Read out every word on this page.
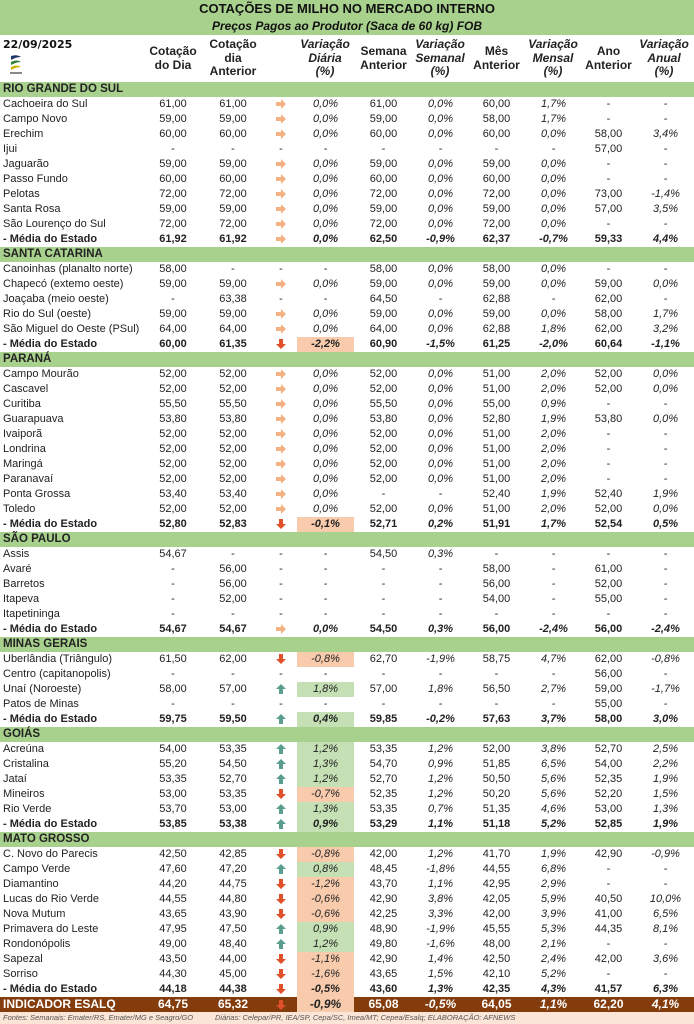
COTAÇÕES DE MILHO NO MERCADO INTERNO
Preços Pagos ao Produtor (Saca de 60 kg) FOB
22/09/2025	Cotação
do Dia
Cotação
dia
Anterior
Variação
Diária
(%)
Semana
Anterior
Variação
Semanal
(%)
Mês
Anterior
Variação
Mensal
(%)
Ano
Anterior
Variação
Anual
(%)
RIO GRANDE DO SUL
Cachoeira do Sul	61,00	61,00	0,0%	61,00	0,0%	60,00	1,7%	-	-
Campo Novo	59,00	59,00	0,0%	59,00	0,0%	58,00	1,7%	-	-
Erechim	60,00	60,00	0,0%	60,00	0,0%	60,00	0,0%	58,00	3,4%
Ijui	-	-	-	-	-	-	-	-	57,00	-
Jaguarão	59,00	59,00	0,0%	59,00	0,0%	59,00	0,0%	-	-
Passo Fundo	60,00	60,00	0,0%	60,00	0,0%	60,00	0,0%	-	-
Pelotas	72,00	72,00	0,0%	72,00	0,0%	72,00	0,0%	73,00	-1,4%
Santa Rosa	59,00	59,00	0,0%	59,00	0,0%	59,00	0,0%	57,00	3,5%
São Lourenço do Sul	72,00	72,00	0,0%	72,00	0,0%	72,00	0,0%	-	-
- Média do Estado	61,92	61,92	0,0%	62,50	-0,9%	62,37	-0,7%	59,33	4,4%
SANTA CATARINA
Canoinhas (planalto norte)	58,00	-	-	-	58,00	0,0%	58,00	0,0%	-	-
Chapecó (extemo oeste)	59,00	59,00	0,0%	59,00	0,0%	59,00	0,0%	59,00	0,0%
Joaçaba (meio oeste)	-	63,38	-	-	64,50	-	62,88	-	62,00	-
Rio do Sul (oeste)	59,00	59,00	0,0%	59,00	0,0%	59,00	0,0%	58,00	1,7%
São Miguel do Oeste (PSul)	64,00	64,00	0,0%	64,00	0,0%	62,88	1,8%	62,00	3,2%
- Média do Estado	60,00	61,35	-2,2%	60,90	-1,5%	61,25	-2,0%	60,64	-1,1%
PARANÁ
Campo Mourão	52,00	52,00	0,0%	52,00	0,0%	51,00	2,0%	52,00	0,0%
Cascavel	52,00	52,00	0,0%	52,00	0,0%	51,00	2,0%	52,00	0,0%
Curitiba	55,50	55,50	0,0%	55,50	0,0%	55,00	0,9%	-	-
Guarapuava	53,80	53,80	0,0%	53,80	0,0%	52,80	1,9%	53,80	0,0%
Ivaiporã	52,00	52,00	0,0%	52,00	0,0%	51,00	2,0%	-	-
Londrina	52,00	52,00	0,0%	52,00	0,0%	51,00	2,0%	-	-
Maringá	52,00	52,00	0,0%	52,00	0,0%	51,00	2,0%	-	-
Paranavaí	52,00	52,00	0,0%	52,00	0,0%	51,00	2,0%	-	-
Ponta Grossa	53,40	53,40	0,0%	-	-	52,40	1,9%	52,40	1,9%
Toledo	52,00	52,00	0,0%	52,00	0,0%	51,00	2,0%	52,00	0,0%
- Média do Estado	52,80	52,83	-0,1%	52,71	0,2%	51,91	1,7%	52,54	0,5%
SÃO PAULO
Assis	54,67	-	-	-	54,50	0,3%	-	-	-	-
Avaré	-	56,00	-	-	-	-	58,00	-	61,00	-
Barretos	-	56,00	-	-	-	-	56,00	-	52,00	-
Itapeva	-	52,00	-	-	-	-	54,00	-	55,00	-
Itapetininga	-	-	-	-	-	-	-	-	-	-
- Média do Estado	54,67	54,67	0,0%	54,50	0,3%	56,00	-2,4%	56,00	-2,4%
MINAS GERAIS
Uberlândia (Triângulo)	61,50	62,00	-0,8%	62,70	-1,9%	58,75	4,7%	62,00	-0,8%
Centro (capitanopolis)	-	-	-	-	-	-	-	-	56,00	-
Unaí (Noroeste)	58,00	57,00	1,8%	57,00	1,8%	56,50	2,7%	59,00	-1,7%
Patos de Minas	-	-	-	-	-	-	-	-	55,00	-
- Média do Estado	59,75	59,50	0,4%	59,85	-0,2%	57,63	3,7%	58,00	3,0%
GOIÁS
Acreúna	54,00	53,35	1,2%	53,35	1,2%	52,00	3,8%	52,70	2,5%
Cristalina	55,20	54,50	1,3%	54,70	0,9%	51,85	6,5%	54,00	2,2%
Jataí	53,35	52,70	1,2%	52,70	1,2%	50,50	5,6%	52,35	1,9%
Mineiros	53,00	53,35	-0,7%	52,35	1,2%	50,20	5,6%	52,20	1,5%
Rio Verde	53,70	53,00	1,3%	53,35	0,7%	51,35	4,6%	53,00	1,3%
- Média do Estado	53,85	53,38	0,9%	53,29	1,1%	51,18	5,2%	52,85	1,9%
MATO GROSSO
C. Novo do Parecis	42,50	42,85	-0,8%	42,00	1,2%	41,70	1,9%	42,90	-0,9%
Campo Verde	47,60	47,20	0,8%	48,45	-1,8%	44,55	6,8%	-	-
Diamantino	44,20	44,75	-1,2%	43,70	1,1%	42,95	2,9%	-	-
Lucas do Rio Verde	44,55	44,80	-0,6%	42,90	3,8%	42,05	5,9%	40,50	10,0%
Nova Mutum	43,65	43,90	-0,6%	42,25	3,3%	42,00	3,9%	41,00	6,5%
Primavera do Leste	47,95	47,50	0,9%	48,90	-1,9%	45,55	5,3%	44,35	8,1%
Rondonópolis	49,00	48,40	1,2%	49,80	-1,6%	48,00	2,1%	-	-
Sapezal	43,50	44,00	-1,1%	42,90	1,4%	42,50	2,4%	42,00	3,6%
Sorriso	44,30	45,00	-1,6%	43,65	1,5%	42,10	5,2%	-	-
- Média do Estado	44,18	44,38	-0,5%	43,60	1,3%	42,35	4,3%	41,57	6,3%
INDICADOR ESALQ	64,75	65,32	-0,9%	65,08	-0,5%	64,05	1,1%	62,20	4,1%
Fontes: Semanais: Emater/RS, Emater/MG e Seagro/GO	Diárias: Celepar/PR, IEA/SP, Cepa/SC, Imea/MT; Cepea/Esalq; ELABORAÇÃO: AFNEWS
